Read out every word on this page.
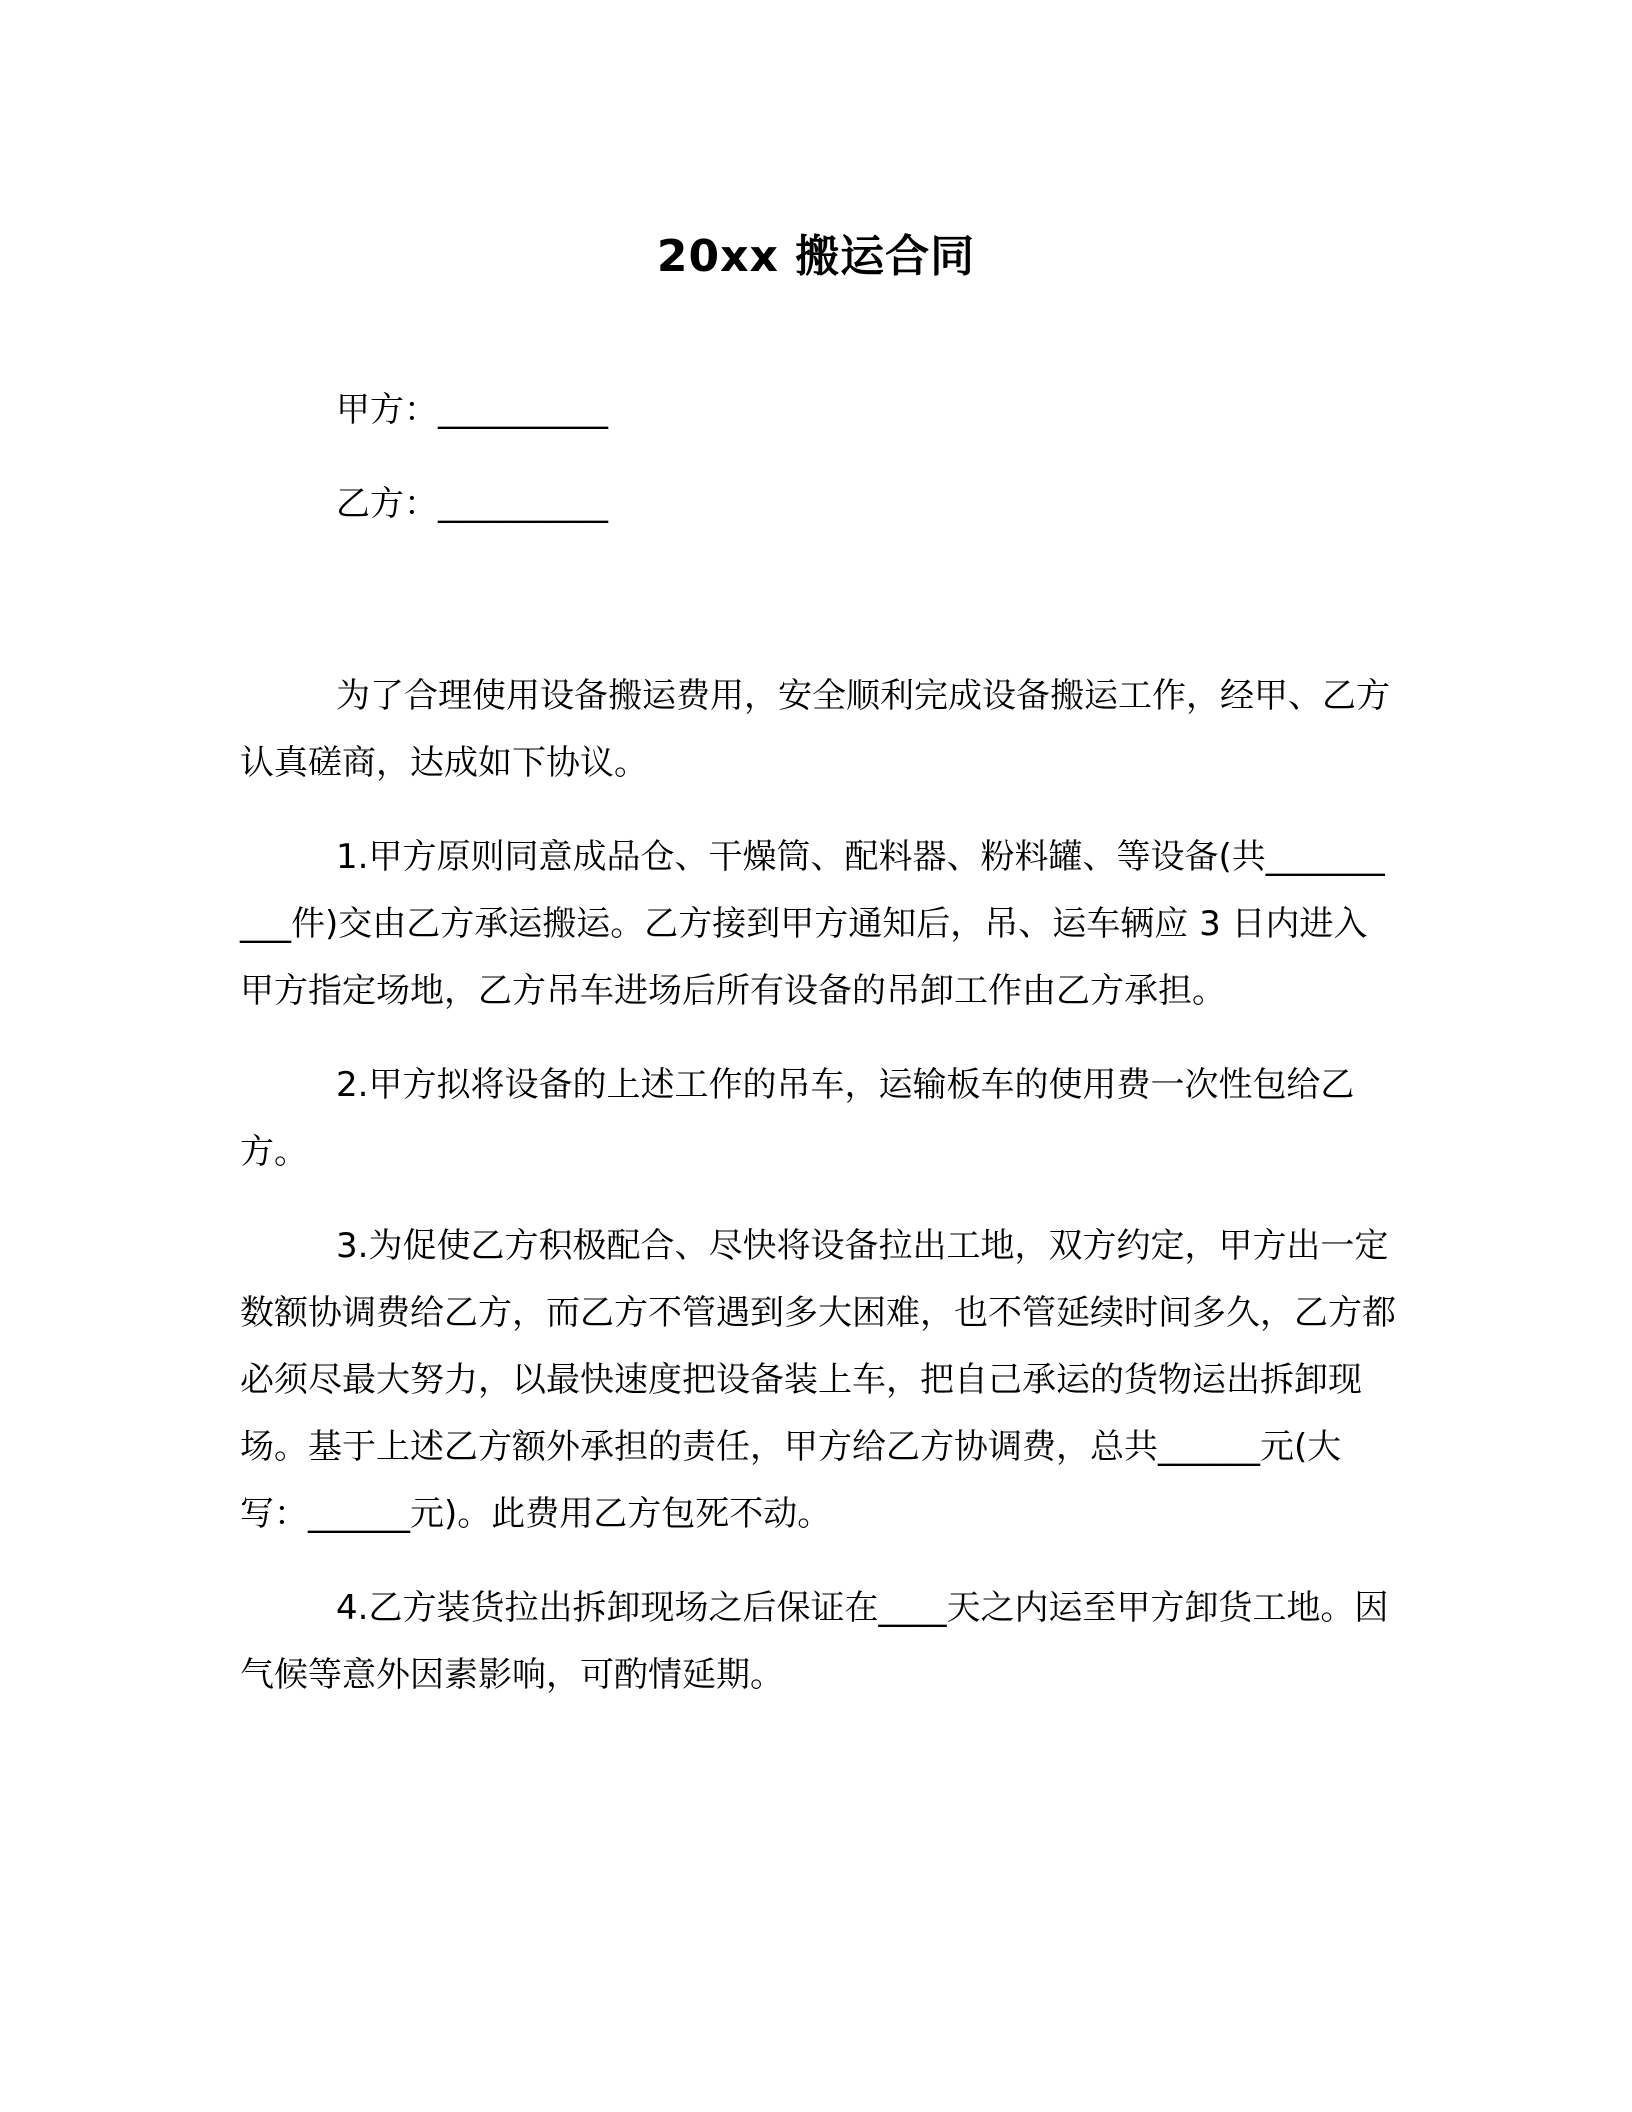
20xx 搬运合同
甲方：__________
乙方：__________

为了合理使用设备搬运费用，安全顺利完成设备搬运工作，经甲、乙方认真磋商，达成如下协议。

1.甲方原则同意成品仓、干燥筒、配料器、粉料罐、等设备(共__________件)交由乙方承运搬运。乙方接到甲方通知后，吊、运车辆应 3 日内进入甲方指定场地，乙方吊车进场后所有设备的吊卸工作由乙方承担。

2.甲方拟将设备的上述工作的吊车，运输板车的使用费一次性包给乙方。

3.为促使乙方积极配合、尽快将设备拉出工地，双方约定，甲方出一定数额协调费给乙方，而乙方不管遇到多大困难，也不管延续时间多久，乙方都必须尽最大努力，以最快速度把设备装上车，把自己承运的货物运出拆卸现场。基于上述乙方额外承担的责任，甲方给乙方协调费，总共______元(大写：______元)。此费用乙方包死不动。

4.乙方装货拉出拆卸现场之后保证在____天之内运至甲方卸货工地。因气候等意外因素影响，可酌情延期。
